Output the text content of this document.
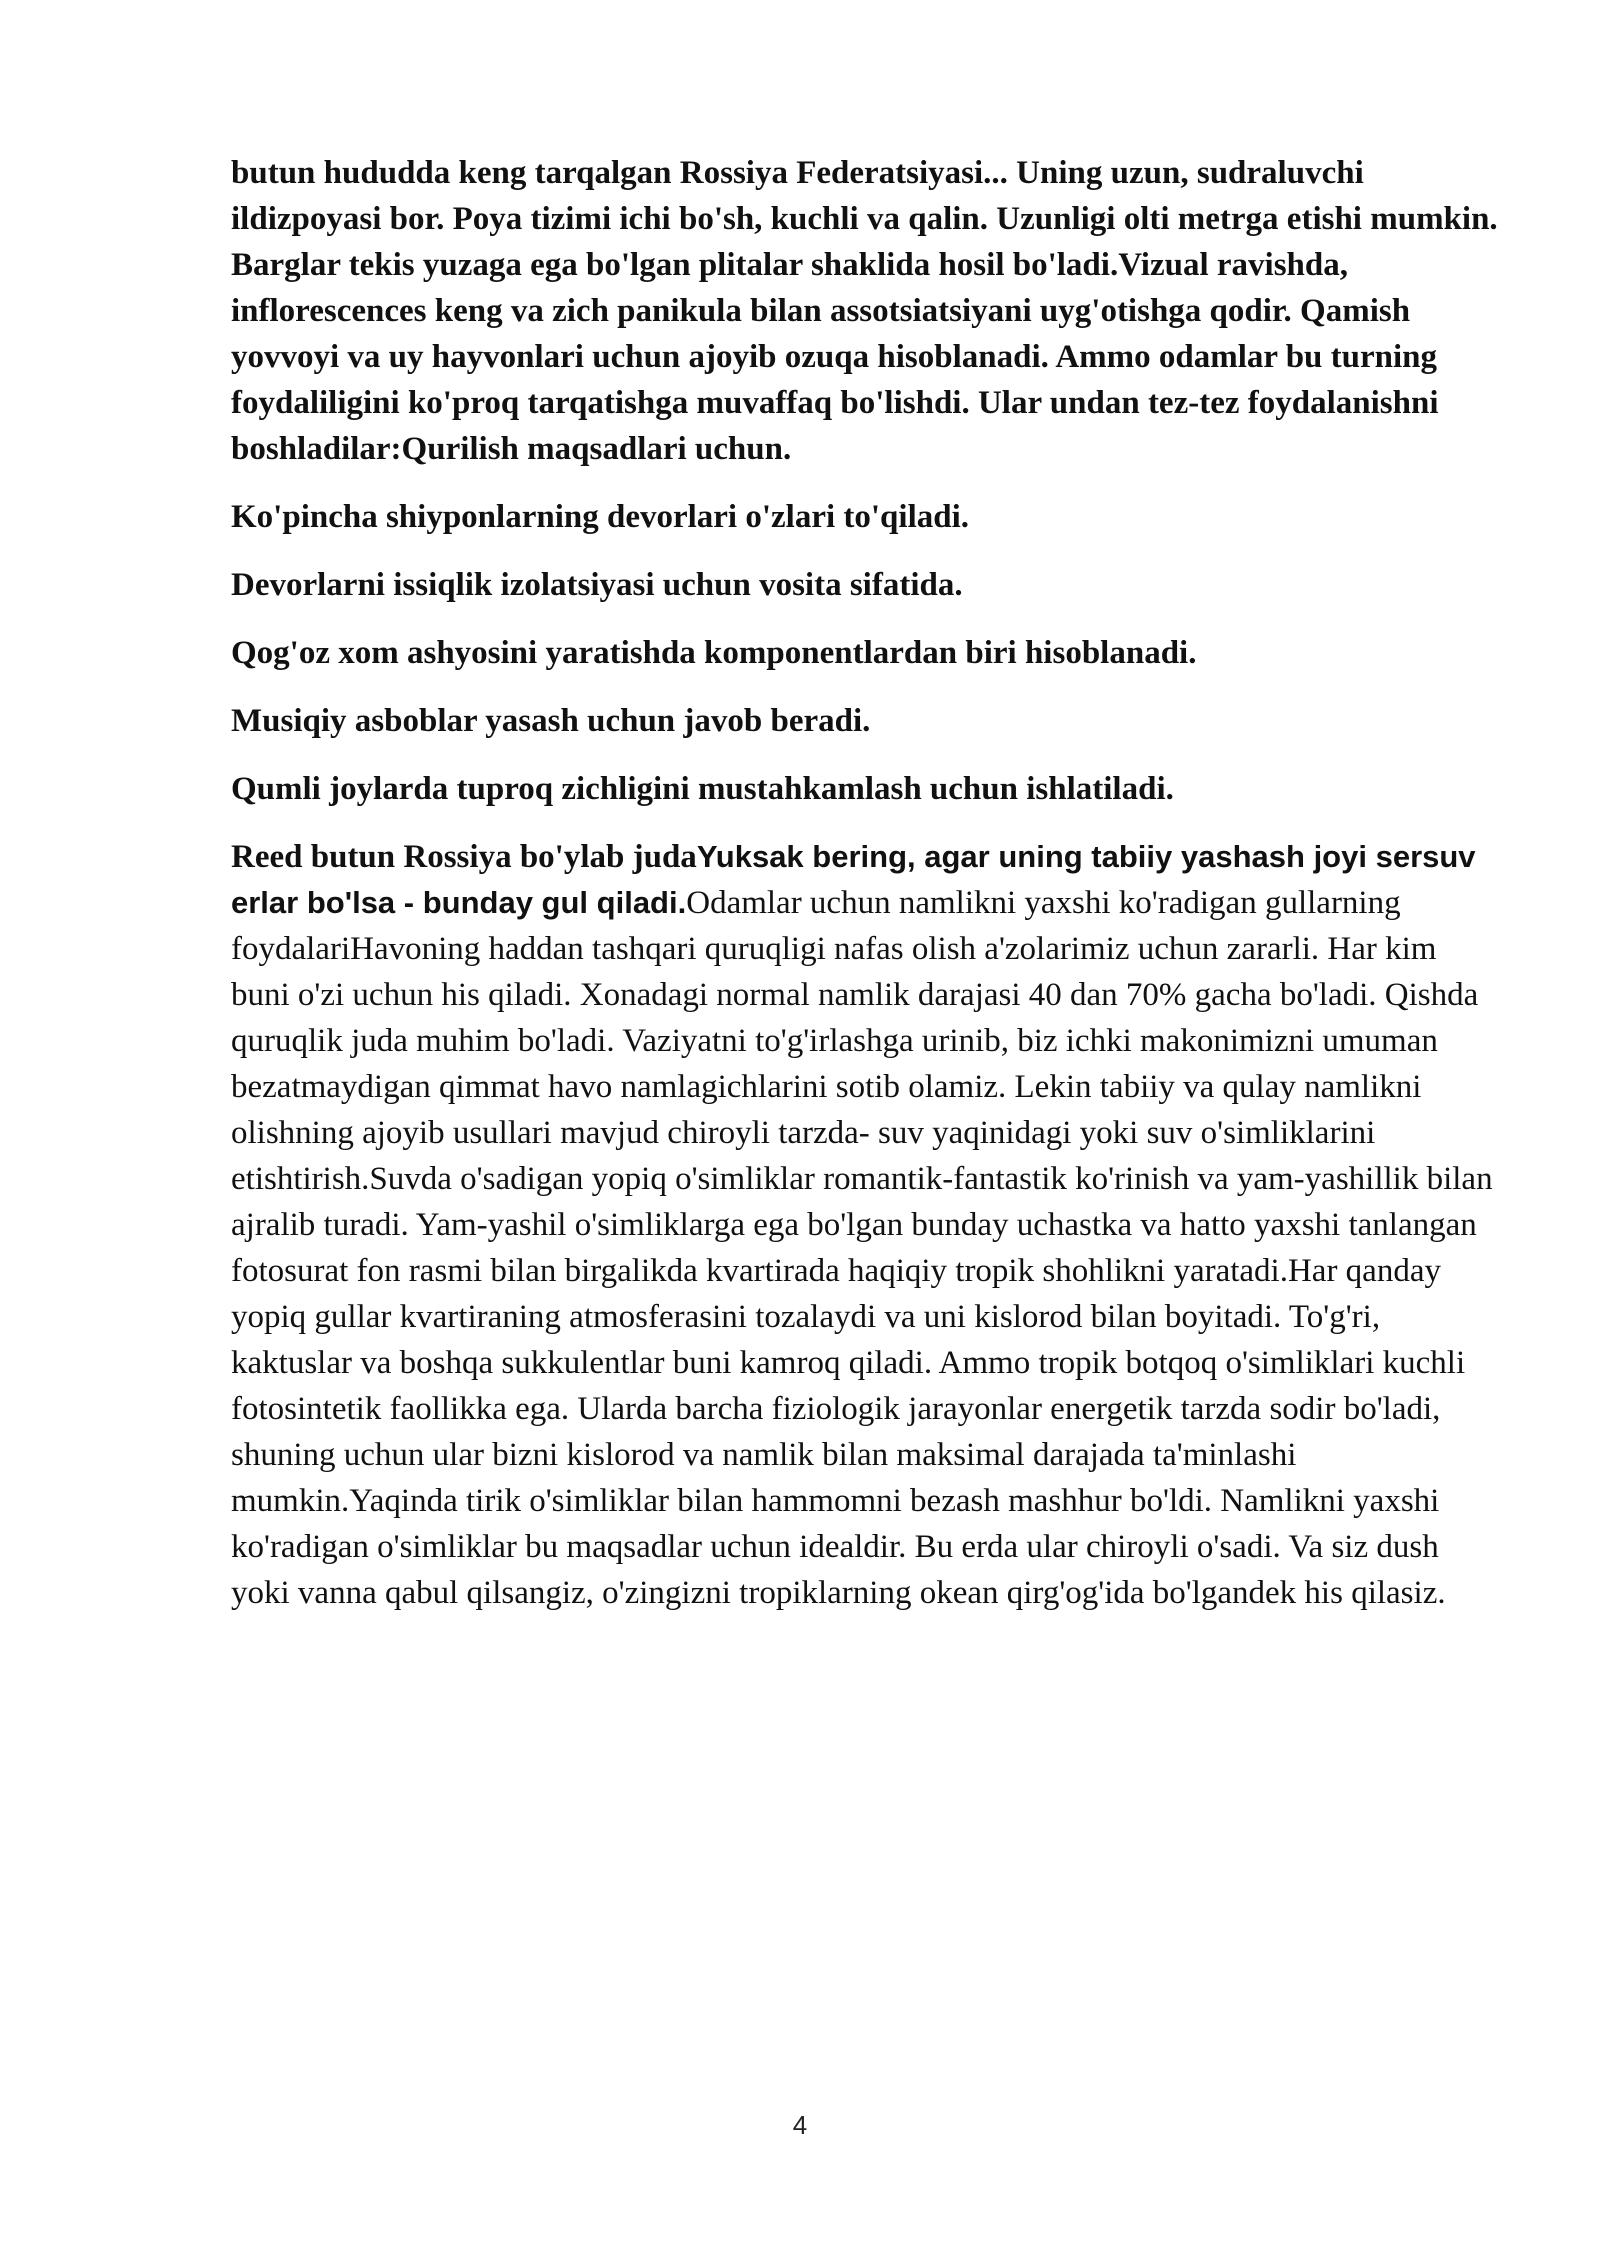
butun hududda keng tarqalgan Rossiya Federatsiyasi... Uning uzun, sudraluvchi ildizpoyasi bor. Poya tizimi ichi bo'sh, kuchli va qalin. Uzunligi olti metrga etishi mumkin. Barglar tekis yuzaga ega bo'lgan plitalar shaklida hosil bo'ladi.Vizual ravishda, inflorescences keng va zich panikula bilan assotsiatsiyani uyg'otishga qodir. Qamish yovvoyi va uy hayvonlari uchun ajoyib ozuqa hisoblanadi. Ammo odamlar bu turning foydaliligini ko'proq tarqatishga muvaffaq bo'lishdi. Ular undan tez-tez foydalanishni boshladilar:Qurilish maqsadlari uchun.

Ko'pincha shiyponlarning devorlari o'zlari to'qiladi.

Devorlarni issiqlik izolatsiyasi uchun vosita sifatida.

Qog'oz xom ashyosini yaratishda komponentlardan biri hisoblanadi.

Musiqiy asboblar yasash uchun javob beradi.

Qumli joylarda tuproq zichligini mustahkamlash uchun ishlatiladi.

Reed butun Rossiya bo'ylab judaYuksak bering, agar uning tabiiy yashash joyi sersuv erlar bo'lsa - bunday gul qiladi.Odamlar uchun namlikni yaxshi ko'radigan gullarning foydalariHavoning haddan tashqari quruqligi nafas olish a'zolarimiz uchun zararli. Har kim buni o'zi uchun his qiladi. Xonadagi normal namlik darajasi 40 dan 70% gacha bo'ladi. Qishda quruqlik juda muhim bo'ladi. Vaziyatni to'g'irlashga urinib, biz ichki makonimizni umuman bezatmaydigan qimmat havo namlagichlarini sotib olamiz. Lekin tabiiy va qulay namlikni olishning ajoyib usullari mavjud chiroyli tarzda- suv yaqinidagi yoki suv o'simliklarini etishtirish.Suvda o'sadigan yopiq o'simliklar romantik-fantastik ko'rinish va yam-yashillik bilan ajralib turadi. Yam-yashil o'simliklarga ega bo'lgan bunday uchastka va hatto yaxshi tanlangan fotosurat fon rasmi bilan birgalikda kvartirada haqiqiy tropik shohlikni yaratadi.Har qanday yopiq gullar kvartiraning atmosferasini tozalaydi va uni kislorod bilan boyitadi. To'g'ri, kaktuslar va boshqa sukkulentlar buni kamroq qiladi. Ammo tropik botqoq o'simliklari kuchli fotosintetik faollikka ega. Ularda barcha fiziologik jarayonlar energetik tarzda sodir bo'ladi, shuning uchun ular bizni kislorod va namlik bilan maksimal darajada ta'minlashi mumkin.Yaqinda tirik o'simliklar bilan hammomni bezash mashhur bo'ldi. Namlikni yaxshi ko'radigan o'simliklar bu maqsadlar uchun idealdir. Bu erda ular chiroyli o'sadi. Va siz dush yoki vanna qabul qilsangiz, o'zingizni tropiklarning okean qirg'og'ida bo'lgandek his qilasiz.

4
